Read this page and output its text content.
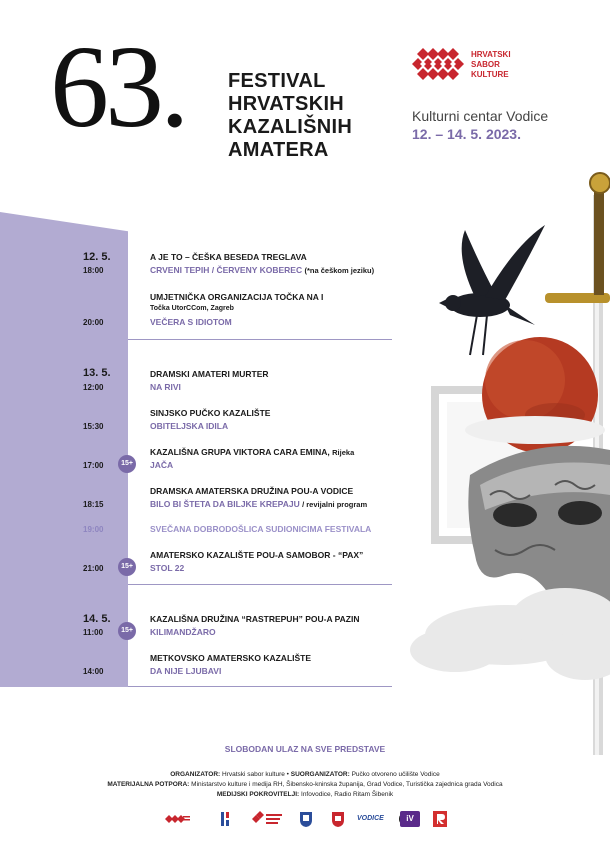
63. FESTIVAL
HRVATSKIH
KAZALIŠNIH
AMATERA
HRVATSKI
SABOR
KULTURE
Kulturni centar Vodice
12. – 14. 5. 2023.
12. 5.
18:00
A JE TO – ČEŠKA BESEDA TREGLAVA
CRVENI TEPIH / ČERVENY KOBEREC (*na češkom jeziku)
20:00
UMJETNIČKA ORGANIZACIJA TOČKA NA I
Točka UtorCCom, Zagreb
VEČERA S IDIOTOM
13. 5.
12:00
DRAMSKI AMATERI MURTER
NA RIVI
15:30
SINJSKO PUČKO KAZALIŠTE
OBITELJSKA IDILA
17:00	15+
KAZALIŠNA GRUPA VIKTORA CARA EMINA, Rijeka
JAČA
18:15
DRAMSKA AMATERSKA DRUŽINA POU-A VODICE
BILO BI ŠTETA DA BILJKE KREPAJU / revijalni program
19:00	SVEČANA DOBRODOŠLICA SUDIONICIMA FESTIVALA
21:00	15+
AMATERSKO KAZALIŠTE POU-A SAMOBOR - “PAX”
STOL 22
14. 5.
11:00	15+
KAZALIŠNA DRUŽINA “RASTREPUH” POU-A PAZIN
KILIMANDŽARO
14:00
METKOVSKO AMATERSKO KAZALIŠTE
DA NIJE LJUBAVI
SLOBODAN ULAZ NA SVE PREDSTAVE
ORGANIZATOR: Hrvatski sabor kulture • SUORGANIZATOR: Pučko otvoreno učilište Vodice
MATERIJALNA POTPORA: Ministarstvo kulture i medija RH, Šibensko-kninska županija, Grad Vodice, Turistička zajednica grada Vodica
MEDIJSKI POKROVITELJI: Infovodice, Radio Ritam Šibenik
VODICE	iV
